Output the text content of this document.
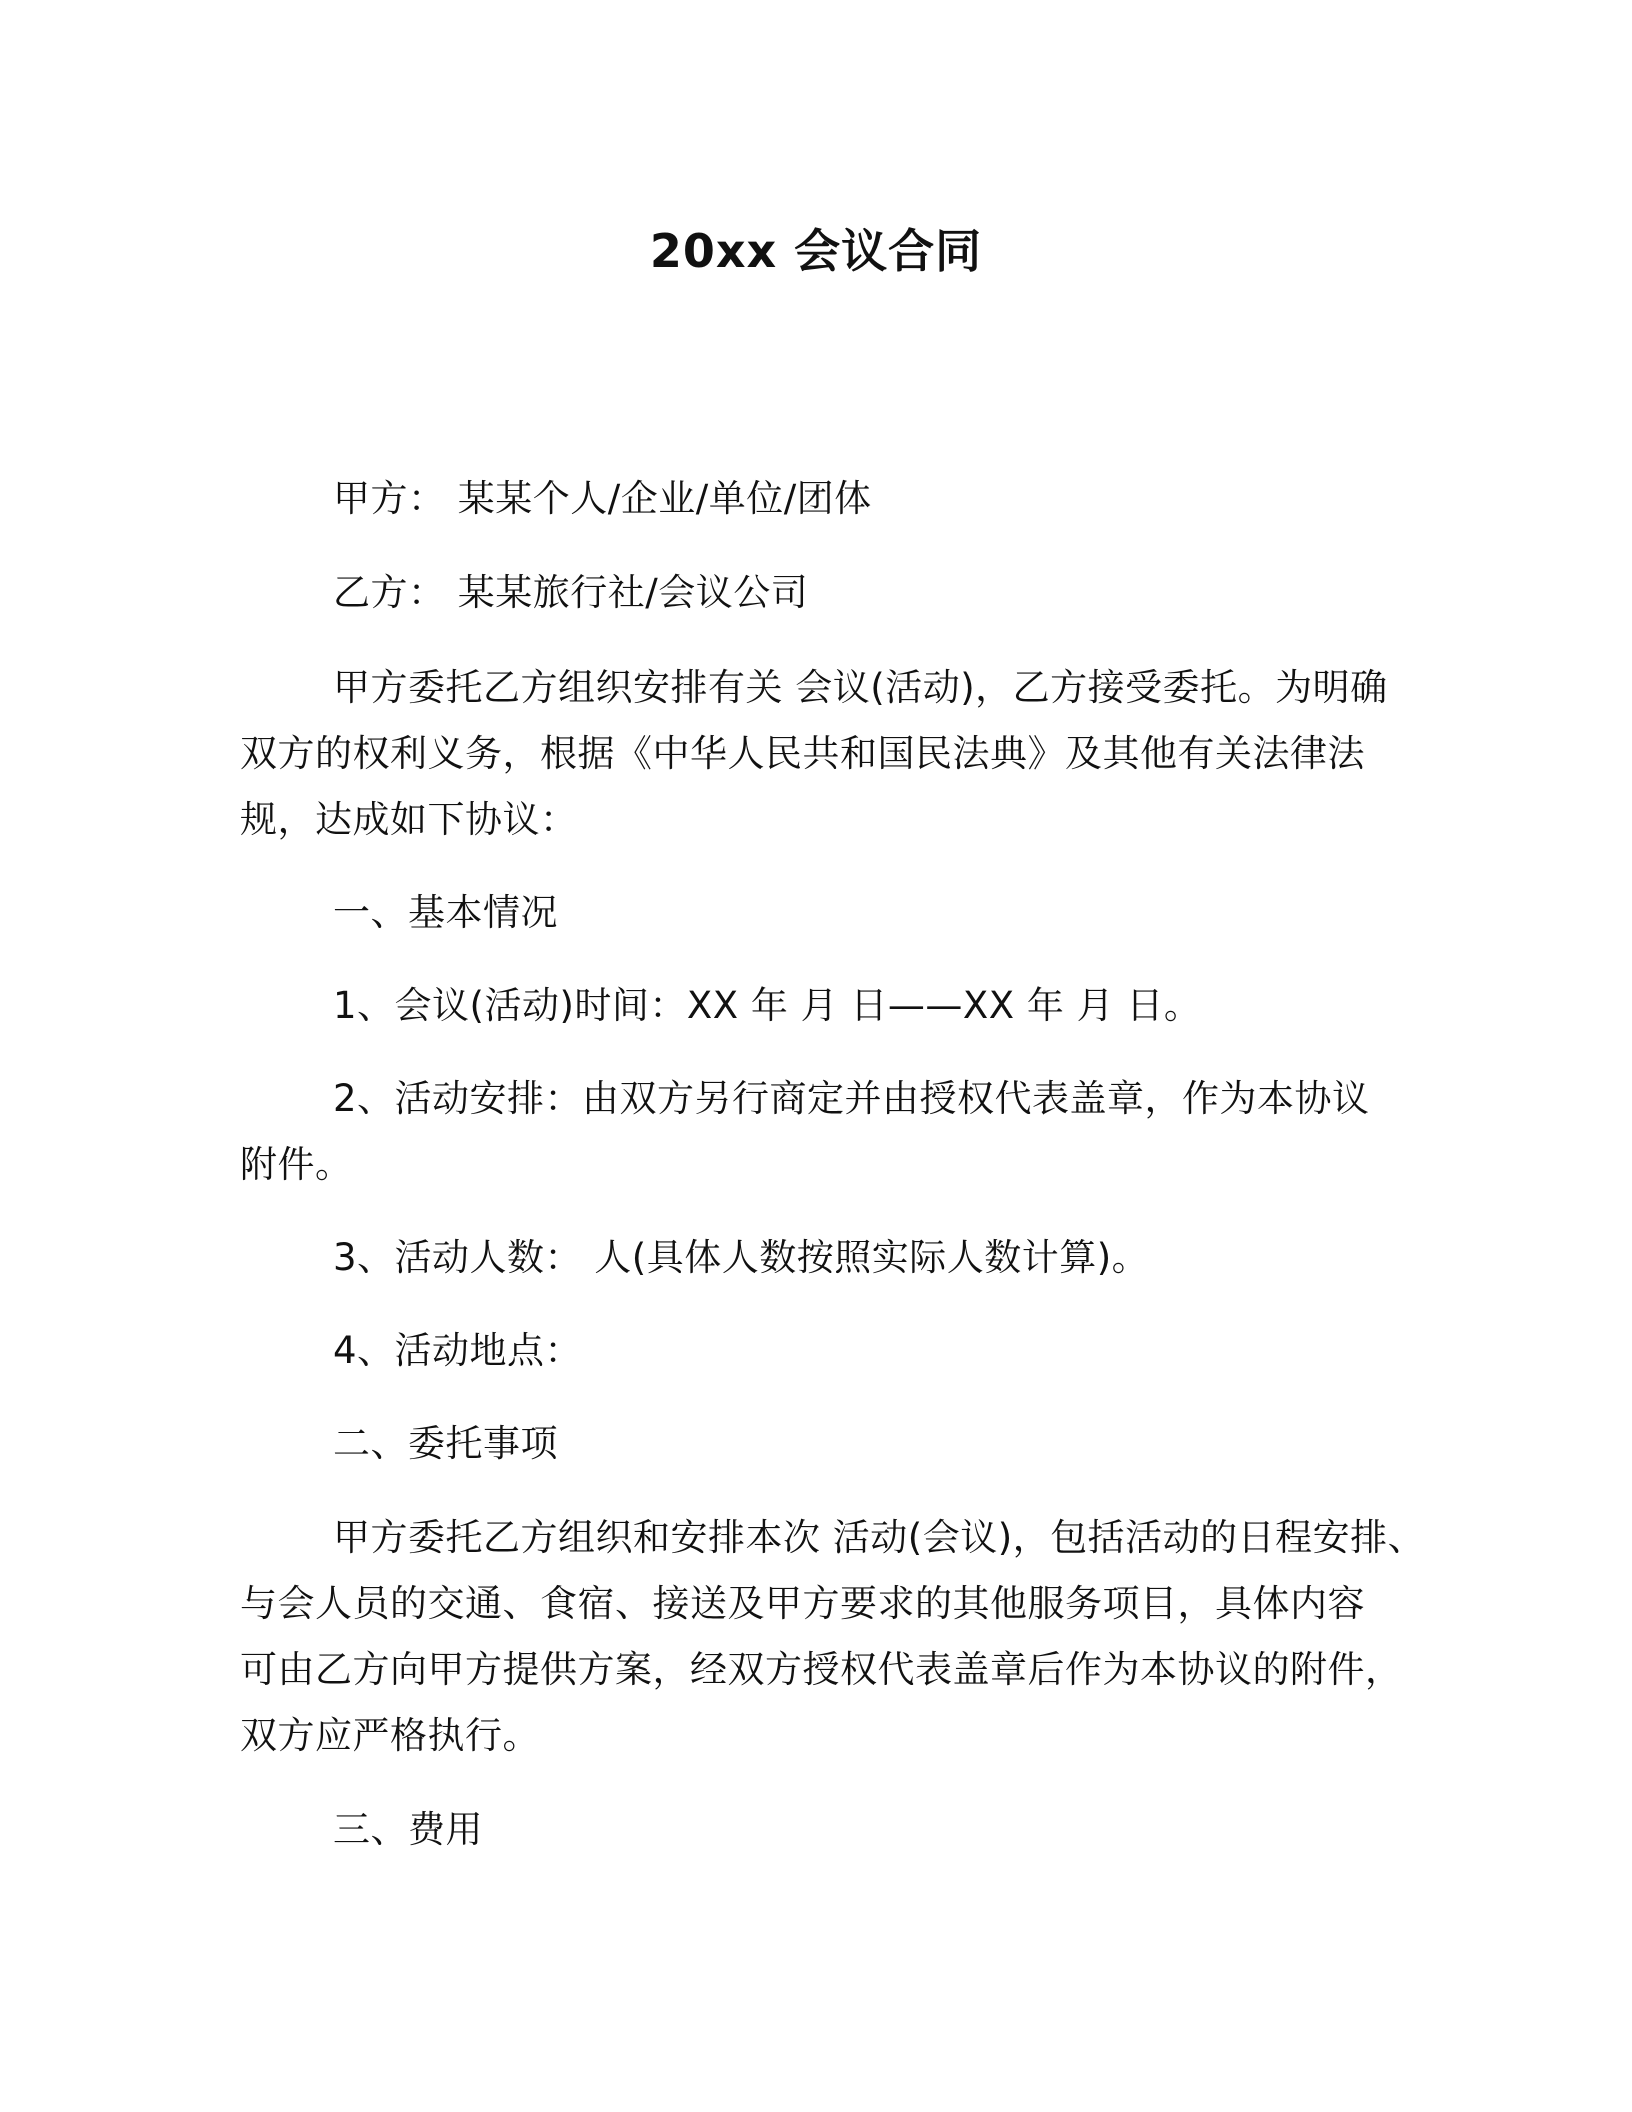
20xx 会议合同
甲方： 某某个人/企业/单位/团体
乙方： 某某旅行社/会议公司
甲方委托乙方组织安排有关 会议(活动)，乙方接受委托。为明确
双方的权利义务，根据《中华人民共和国民法典》及其他有关法律法
规，达成如下协议：
一、基本情况
1、会议(活动)时间：XX 年 月 日——XX 年 月 日。
2、活动安排：由双方另行商定并由授权代表盖章，作为本协议
附件。
3、活动人数： 人(具体人数按照实际人数计算)。
4、活动地点：
二、委托事项
甲方委托乙方组织和安排本次 活动(会议)，包括活动的日程安排、
与会人员的交通、食宿、接送及甲方要求的其他服务项目，具体内容
可由乙方向甲方提供方案，经双方授权代表盖章后作为本协议的附件，
双方应严格执行。
三、费用
